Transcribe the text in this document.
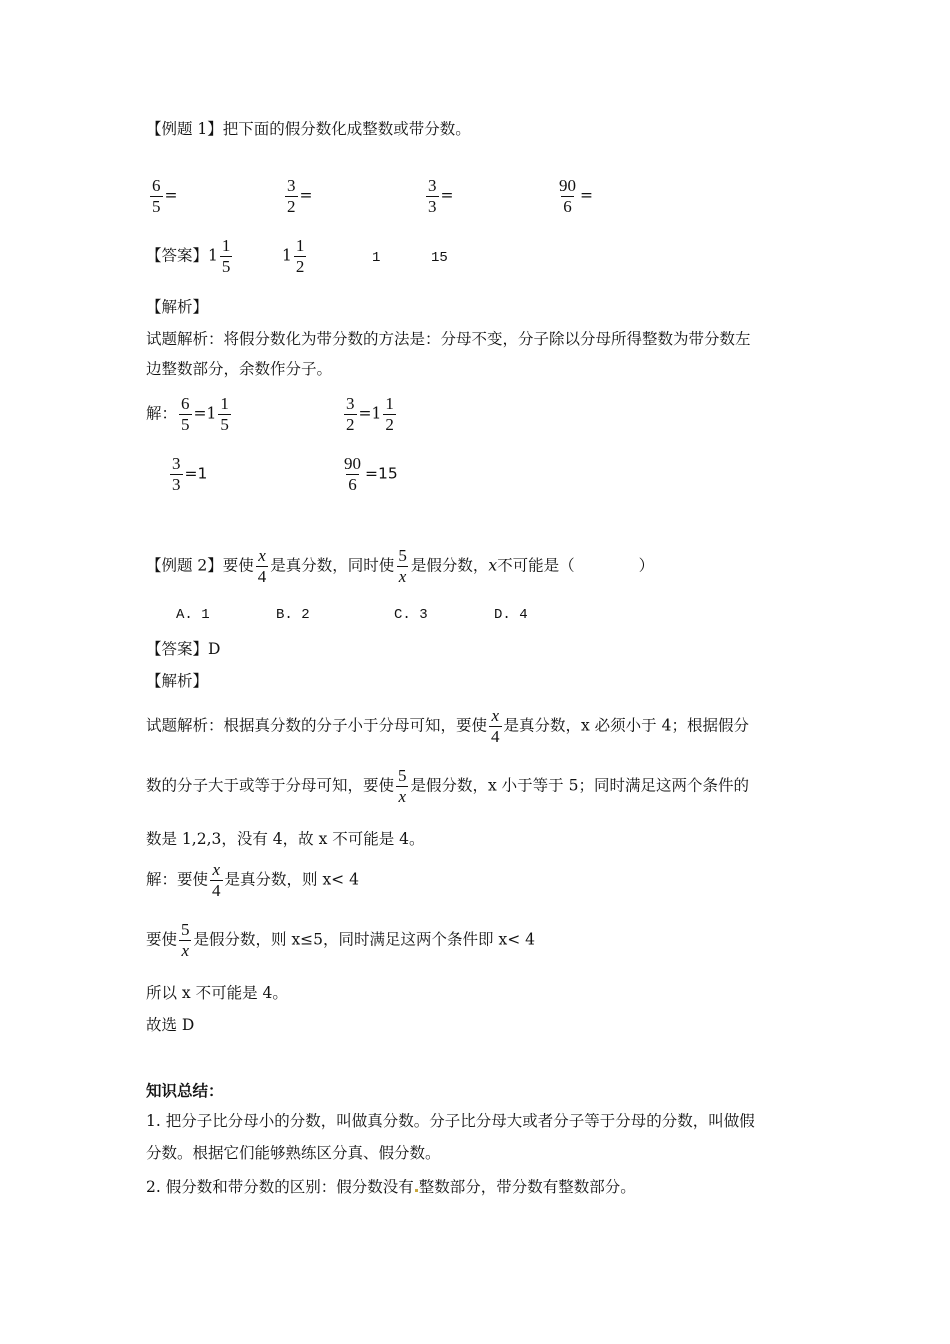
【例题 1】把下面的假分数化成整数或带分数。
$\frac{6}{5}$ =	$\frac{3}{2}$ =	$\frac{3}{3}$ =	$\frac{90}{6}$ =
【答案】$1 \frac{1}{5}$	$1 \frac{1}{2}$	1	15
【解析】
试题解析：将假分数化为带分数的方法是：分母不变，分子除以分母所得整数为带分数左
边整数部分，余数作分子。
解： $\frac{6}{5} =1 \frac{1}{5}$	$\frac{3}{2} =1 \frac{1}{2}$
$\frac{3}{3} =1$	$\frac{90}{6} =15$
【例题 2】要使 $\frac{x}{4}$ 是真分数，同时使 $\frac{5}{x}$ 是假分数，x不可能是（	）
A. 1	B. 2	C. 3	D. 4
【答案】D
【解析】
试题解析：根据真分数的分子小于分母可知，要使 $\frac{x}{4}$ 是真分数，x 必须小于 4；根据假分
数的分子大于或等于分母可知，要使 $\frac{5}{x}$ 是假分数，x 小于等于 5；同时满足这两个条件的
数是 1,2,3，没有 4，故 x 不可能是 4。
解：要使 $\frac{x}{4}$ 是真分数，则 x< 4
要使 $\frac{5}{x}$ 是假分数，则 x≤5，同时满足这两个条件即 x< 4
所以 x 不可能是 4。
故选 D
知识总结：
1. 把分子比分母小的分数，叫做真分数。分子比分母大或者分子等于分母的分数，叫做假
分数。根据它们能够熟练区分真、假分数。
2. 假分数和带分数的区别：假分数没有 整数部分，带分数有整数部分。
